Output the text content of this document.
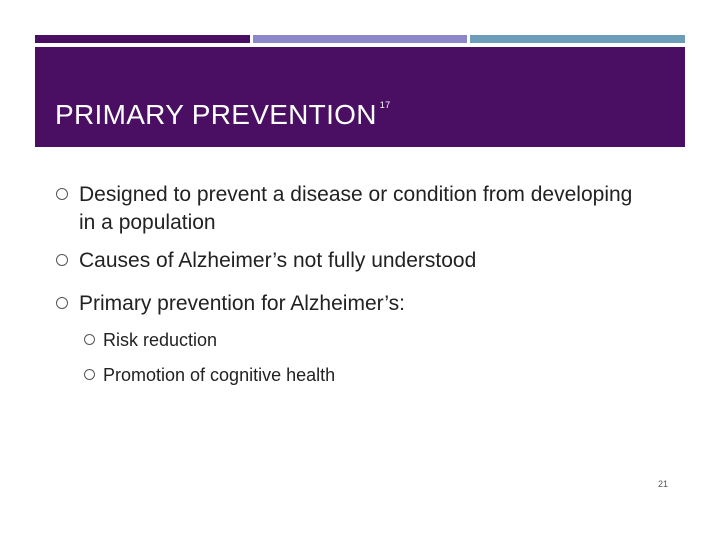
PRIMARY PREVENTION $^{17}$
Designed to prevent a disease or condition from developing in a population
Causes of Alzheimer’s not fully understood
Primary prevention for Alzheimer’s:
Risk reduction
Promotion of cognitive health
21
